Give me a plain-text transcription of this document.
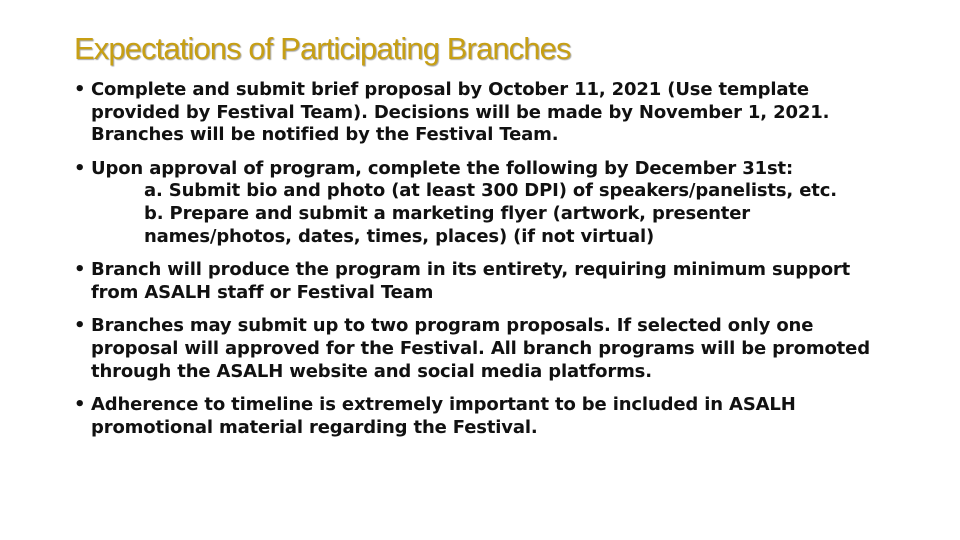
Expectations of Participating Branches
• Complete and submit brief proposal by October 11, 2021 (Use template provided by Festival Team). Decisions will be made by November 1, 2021. Branches will be notified by the Festival Team.
• Upon approval of program, complete the following by December 31st:
a. Submit bio and photo (at least 300 DPI) of speakers/panelists, etc.
b. Prepare and submit a marketing flyer (artwork, presenter names/photos, dates, times, places) (if not virtual)
• Branch will produce the program in its entirety, requiring minimum support from ASALH staff or Festival Team
• Branches may submit up to two program proposals. If selected only one proposal will approved for the Festival. All branch programs will be promoted through the ASALH website and social media platforms.
• Adherence to timeline is extremely important to be included in ASALH promotional material regarding the Festival.
